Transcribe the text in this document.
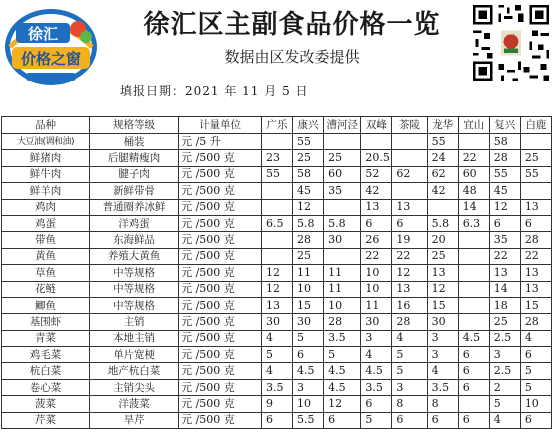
徐汇
价格之窗
徐汇区主副食品价格一览
数据由区发改委提供
填报日期：2021 年 11 月 5 日
品种	规格等级	计量单位	广乐	康兴	漕河泾	双峰	茶陵	龙华	宜山	复兴	白鹿
大豆油(调和油)	桶装	元 /5 升		55				55		58	
鲜猪肉	后腿精瘦肉	元 /500 克	23	25	25	20.5		24	22	28	25
鲜牛肉	腱子肉	元 /500 克	55	58	60	52	62	62	60	55	55
鲜羊肉	新鲜带骨	元 /500 克		45	35	42		42	48	45	
鸡肉	普通圈养冰鲜	元 /500 克		12		13	13		14	12	13
鸡蛋	洋鸡蛋	元 /500 克	6.5	5.8	5.8	6	6	5.8	6.3	6	6
带鱼	东海鲜品	元 /500 克		28	30	26	19	20		35	28
黄鱼	养殖大黄鱼	元 /500 克		25		22	22	25		22	22
草鱼	中等规格	元 /500 克	12	11	11	10	12	13		13	13
花鲢	中等规格	元 /500 克	12	10	11	10	13	12		14	13
鲫鱼	中等规格	元 /500 克	13	15	10	11	16	15		18	15
基围虾	主销	元 /500 克	30	30	28	30	28	30		25	28
青菜	本地主销	元 /500 克	4	5	3.5	3	4	3	4.5	2.5	4
鸡毛菜	单片宽梗	元 /500 克	5	6	5	4	5	3	6	3	6
杭白菜	地产杭白菜	元 /500 克	4	4.5	4.5	4.5	5	4	6	2.5	5
卷心菜	主销尖头	元 /500 克	3.5	3	4.5	3.5	3	3.5	6	2	5
菠菜	洋菠菜	元 /500 克	9	10	12	6	8	8		5	10
芹菜	旱芹	元 /500 克	6	5.5	6	5	6	6	6	4	6
